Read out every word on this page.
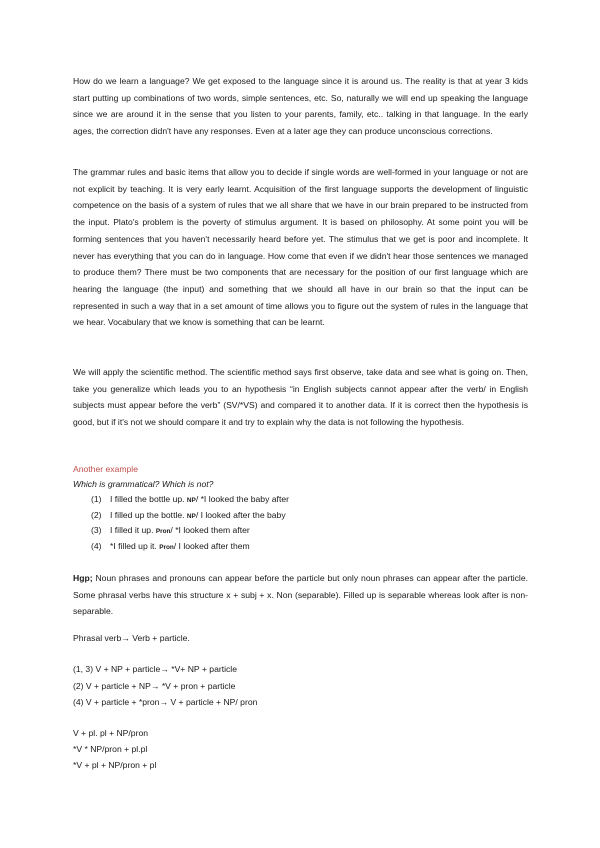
How do we learn a language? We get exposed to the language since it is around us. The reality is that at year 3 kids start putting up combinations of two words, simple sentences, etc. So, naturally we will end up speaking the language since we are around it in the sense that you listen to your parents, family, etc.. talking in that language. In the early ages, the correction didn't have any responses. Even at a later age they can produce unconscious corrections.

The grammar rules and basic items that allow you to decide if single words are well-formed in your language or not are not explicit by teaching. It is very early learnt. Acquisition of the first language supports the development of linguistic competence on the basis of a system of rules that we all share that we have in our brain prepared to be instructed from the input. Plato's problem is the poverty of stimulus argument. It is based on philosophy. At some point you will be forming sentences that you haven't necessarily heard before yet. The stimulus that we get is poor and incomplete. It never has everything that you can do in language. How come that even if we didn't hear those sentences we managed to produce them? There must be two components that are necessary for the position of our first language which are hearing the language (the input) and something that we should all have in our brain so that the input can be represented in such a way that in a set amount of time allows you to figure out the system of rules in the language that we hear. Vocabulary that we know is something that can be learnt.

We will apply the scientific method. The scientific method says first observe, take data and see what is going on. Then, take you generalize which leads you to an hypothesis “in English subjects cannot appear after the verb/ in English subjects must appear before the verb” (SV/*VS) and compared it to another data. If it is correct then the hypothesis is good, but if it's not we should compare it and try to explain why the data is not following the hypothesis.

Another example

Which is grammatical? Which is not?

(1) I filled the bottle up. NP/ *I looked the baby after

(2) I filled up the bottle. NP/ I looked after the baby

(3) I filled it up. Pron/ *I looked them after

(4) *I filled up it. Pron/ I looked after them

Hgp; Noun phrases and pronouns can appear before the particle but only noun phrases can appear after the particle. Some phrasal verbs have this structure x + subj + x. Non (separable). Filled up is separable whereas look after is non-separable.

Phrasal verb→ Verb + particle.

(1, 3) V + NP + particle→ *V+ NP + particle

(2) V + particle + NP→ *V + pron + particle

(4) V + particle + *pron→ V + particle + NP/ pron

V + pl. pl + NP/pron

*V * NP/pron + pl.pl

*V + pl + NP/pron + pl
